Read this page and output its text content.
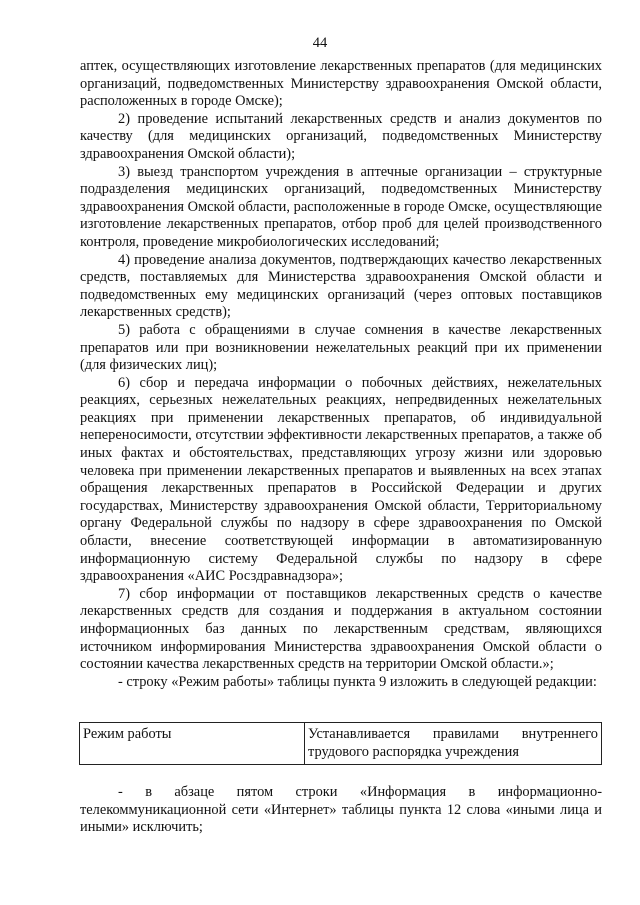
44

аптек, осуществляющих изготовление лекарственных препаратов (для медицинских организаций, подведомственных Министерству здравоохранения Омской области, расположенных в городе Омске);

2) проведение испытаний лекарственных средств и анализ документов по качеству (для медицинских организаций, подведомственных Министерству здравоохранения Омской области);

3) выезд транспортом учреждения в аптечные организации – структурные подразделения медицинских организаций, подведомственных Министерству здравоохранения Омской области, расположенные в городе Омске, осуществляющие изготовление лекарственных препаратов, отбор проб для целей производственного контроля, проведение микробиологических исследований;

4) проведение анализа документов, подтверждающих качество лекарственных средств, поставляемых для Министерства здравоохранения Омской области и подведомственных ему медицинских организаций (через оптовых поставщиков лекарственных средств);

5) работа с обращениями в случае сомнения в качестве лекарственных препаратов или при возникновении нежелательных реакций при их применении (для физических лиц);

6) сбор и передача информации о побочных действиях, нежелательных реакциях, серьезных нежелательных реакциях, непредвиденных нежелательных реакциях при применении лекарственных препаратов, об индивидуальной непереносимости, отсутствии эффективности лекарственных препаратов, а также об иных фактах и обстоятельствах, представляющих угрозу жизни или здоровью человека при применении лекарственных препаратов и выявленных на всех этапах обращения лекарственных препаратов в Российской Федерации и других государствах, Министерству здравоохранения Омской области, Территориальному органу Федеральной службы по надзору в сфере здравоохранения по Омской области, внесение соответствующей информации в автоматизированную информационную систему Федеральной службы по надзору в сфере здравоохранения «АИС Росздравнадзора»;

7) сбор информации от поставщиков лекарственных средств о качестве лекарственных средств для создания и поддержания в актуальном состоянии информационных баз данных по лекарственным средствам, являющихся источником информирования Министерства здравоохранения Омской области о состоянии качества лекарственных средств на территории Омской области.»;

- строку «Режим работы» таблицы пункта 9 изложить в следующей редакции:

Режим работы	Устанавливается правилами внутреннего трудового распорядка учреждения

- в абзаце пятом строки «Информация в информационно-телекоммуникационной сети «Интернет» таблицы пункта 12 слова «иными лица и иными» исключить;
